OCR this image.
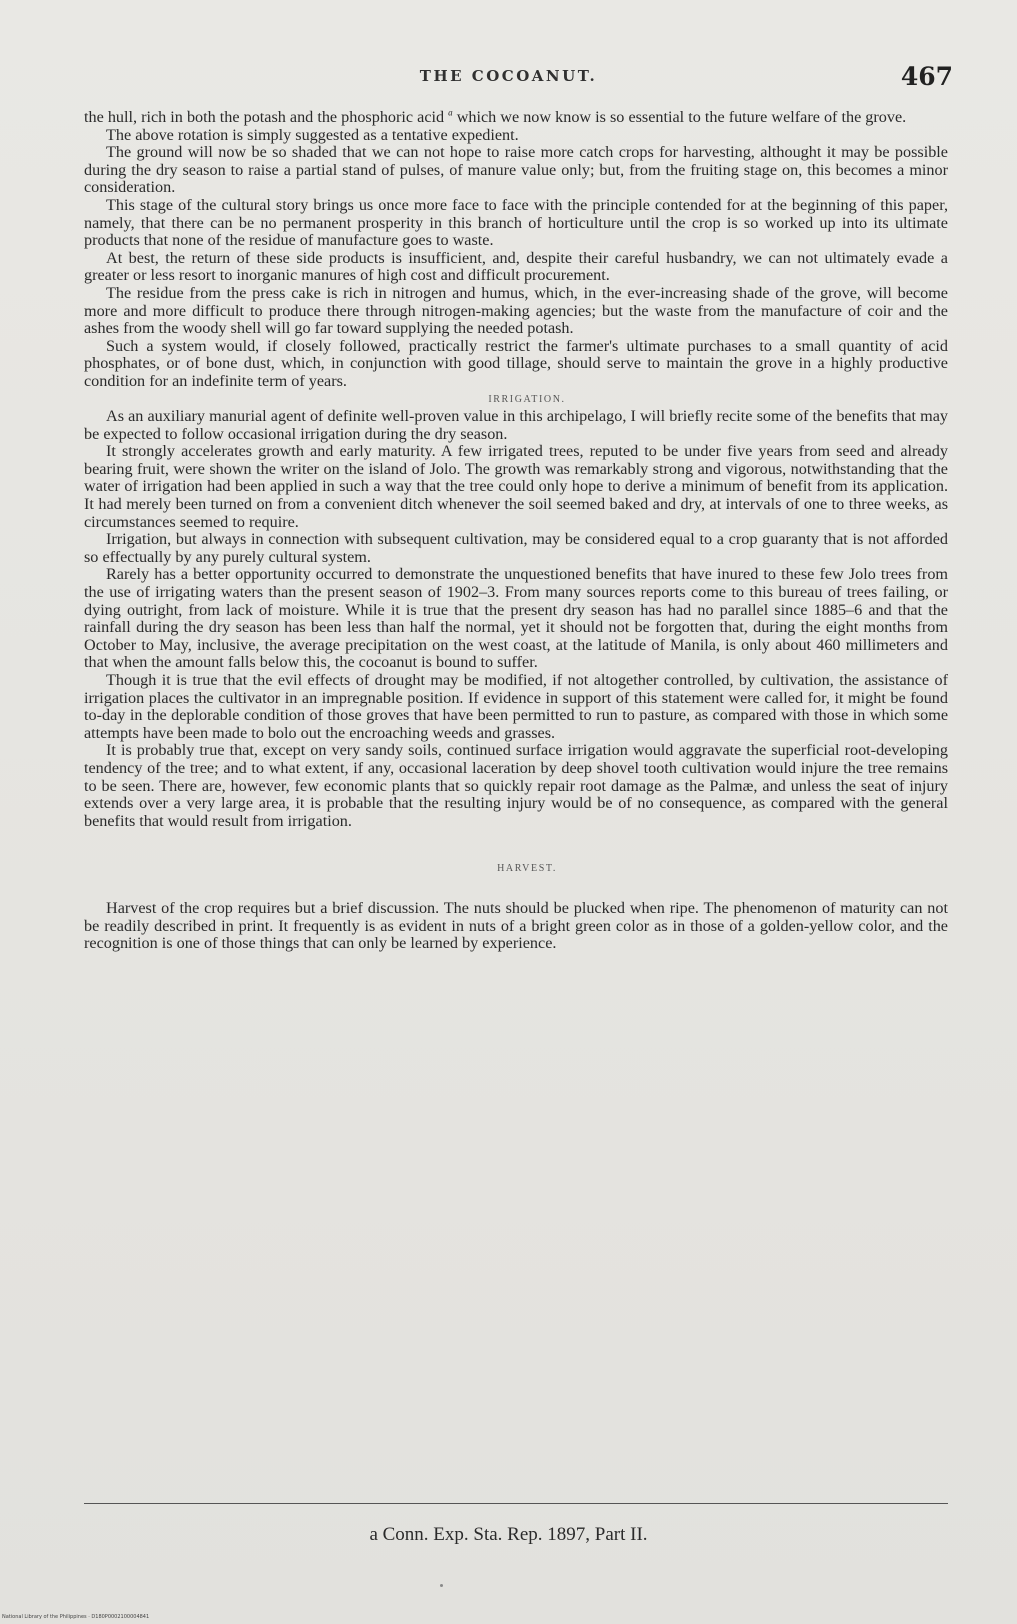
THE COCOANUT.	467

the hull, rich in both the potash and the phosphoric acid $^a$ which we now know is so essential to the future welfare of the grove.

The above rotation is simply suggested as a tentative expedient.

The ground will now be so shaded that we can not hope to raise more catch crops for harvesting, althought it may be possible during the dry season to raise a partial stand of pulses, of manure value only; but, from the fruiting stage on, this becomes a minor consideration.

This stage of the cultural story brings us once more face to face with the principle contended for at the beginning of this paper, namely, that there can be no permanent prosperity in this branch of horticulture until the crop is so worked up into its ultimate products that none of the residue of manufacture goes to waste.

At best, the return of these side products is insufficient, and, despite their careful husbandry, we can not ultimately evade a greater or less resort to inorganic manures of high cost and difficult procurement.

The residue from the press cake is rich in nitrogen and humus, which, in the ever-increasing shade of the grove, will become more and more difficult to produce there through nitrogen-making agencies; but the waste from the manufacture of coir and the ashes from the woody shell will go far toward supplying the needed potash.

Such a system would, if closely followed, practically restrict the farmer's ultimate purchases to a small quantity of acid phosphates, or of bone dust, which, in conjunction with good tillage, should serve to maintain the grove in a highly productive condition for an indefinite term of years.

IRRIGATION.

As an auxiliary manurial agent of definite well-proven value in this archipelago, I will briefly recite some of the benefits that may be expected to follow occasional irrigation during the dry season.

It strongly accelerates growth and early maturity. A few irrigated trees, reputed to be under five years from seed and already bearing fruit, were shown the writer on the island of Jolo. The growth was remarkably strong and vigorous, notwithstanding that the water of irrigation had been applied in such a way that the tree could only hope to derive a minimum of benefit from its application. It had merely been turned on from a convenient ditch whenever the soil seemed baked and dry, at intervals of one to three weeks, as circumstances seemed to require.

Irrigation, but always in connection with subsequent cultivation, may be considered equal to a crop guaranty that is not afforded so effectually by any purely cultural system.

Rarely has a better opportunity occurred to demonstrate the unquestioned benefits that have inured to these few Jolo trees from the use of irrigating waters than the present season of 1902–3. From many sources reports come to this bureau of trees failing, or dying outright, from lack of moisture. While it is true that the present dry season has had no parallel since 1885–6 and that the rainfall during the dry season has been less than half the normal, yet it should not be forgotten that, during the eight months from October to May, inclusive, the average precipitation on the west coast, at the latitude of Manila, is only about 460 millimeters and that when the amount falls below this, the cocoanut is bound to suffer.

Though it is true that the evil effects of drought may be modified, if not altogether controlled, by cultivation, the assistance of irrigation places the cultivator in an impregnable position. If evidence in support of this statement were called for, it might be found to-day in the deplorable condition of those groves that have been permitted to run to pasture, as compared with those in which some attempts have been made to bolo out the encroaching weeds and grasses.

It is probably true that, except on very sandy soils, continued surface irrigation would aggravate the superficial root-developing tendency of the tree; and to what extent, if any, occasional laceration by deep shovel tooth cultivation would injure the tree remains to be seen. There are, however, few economic plants that so quickly repair root damage as the Palmæ, and unless the seat of injury extends over a very large area, it is probable that the resulting injury would be of no consequence, as compared with the general benefits that would result from irrigation.

HARVEST.

Harvest of the crop requires but a brief discussion. The nuts should be plucked when ripe. The phenomenon of maturity can not be readily described in print. It frequently is as evident in nuts of a bright green color as in those of a golden-yellow color, and the recognition is one of those things that can only be learned by experience.

a Conn. Exp. Sta. Rep. 1897, Part II.
National Library of the Philippines · D180P0002100004841
